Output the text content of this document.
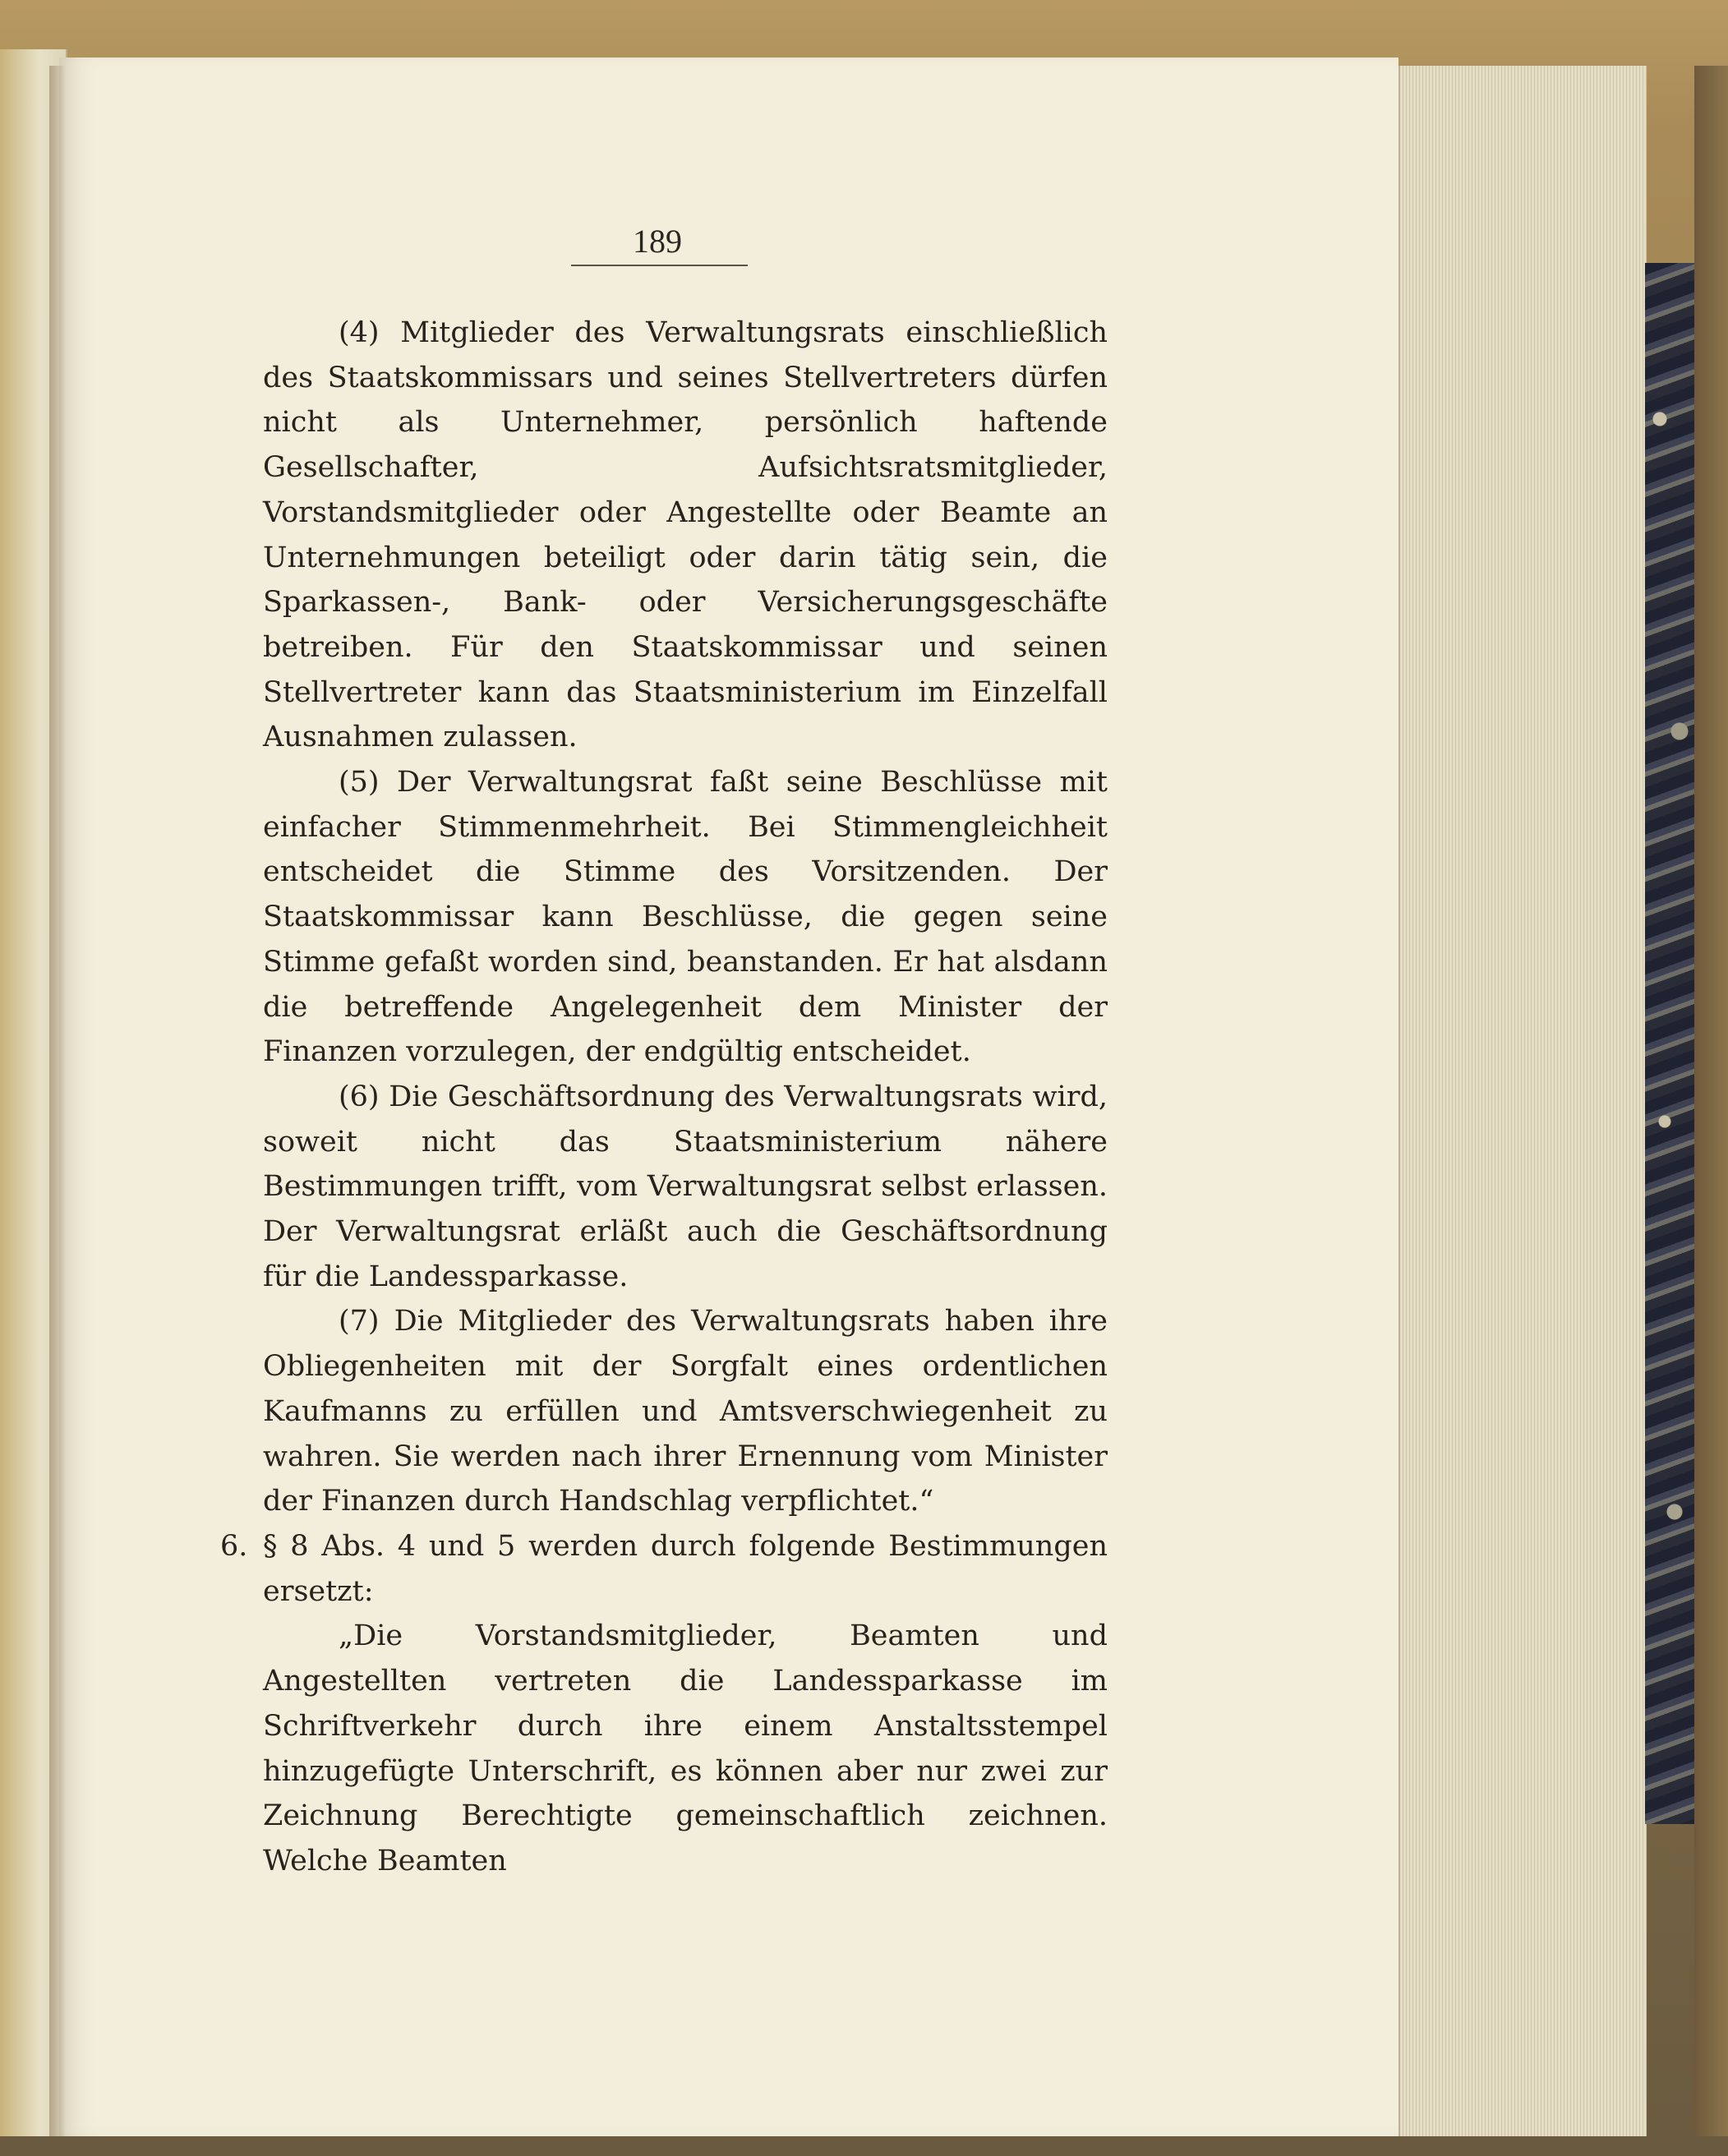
189

(4) Mitglieder des Verwaltungsrats einschließlich des Staatskommissars und seines Stellvertreters dürfen nicht als Unternehmer, persönlich haftende Gesellschafter, Aufsichtsratsmitglieder, Vorstandsmitglieder oder Angestellte oder Beamte an Unternehmungen beteiligt oder darin tätig sein, die Sparkassen-, Bank- oder Versicherungsgeschäfte betreiben. Für den Staatskommissar und seinen Stellvertreter kann das Staatsministerium im Einzelfall Ausnahmen zulassen.

(5) Der Verwaltungsrat faßt seine Beschlüsse mit einfacher Stimmenmehrheit. Bei Stimmengleichheit entscheidet die Stimme des Vorsitzenden. Der Staatskommissar kann Beschlüsse, die gegen seine Stimme gefaßt worden sind, beanstanden. Er hat alsdann die betreffende Angelegenheit dem Minister der Finanzen vorzulegen, der endgültig entscheidet.

(6) Die Geschäftsordnung des Verwaltungsrats wird, soweit nicht das Staatsministerium nähere Bestimmungen trifft, vom Verwaltungsrat selbst erlassen. Der Verwaltungsrat erläßt auch die Geschäftsordnung für die Landessparkasse.

(7) Die Mitglieder des Verwaltungsrats haben ihre Obliegenheiten mit der Sorgfalt eines ordentlichen Kaufmanns zu erfüllen und Amtsverschwiegenheit zu wahren. Sie werden nach ihrer Ernennung vom Minister der Finanzen durch Handschlag verpflichtet.“

6. § 8 Abs. 4 und 5 werden durch folgende Bestimmungen ersetzt:

„Die Vorstandsmitglieder, Beamten und Angestellten vertreten die Landessparkasse im Schriftverkehr durch ihre einem Anstaltsstempel hinzugefügte Unterschrift, es können aber nur zwei zur Zeichnung Berechtigte gemeinschaftlich zeichnen. Welche Beamten
